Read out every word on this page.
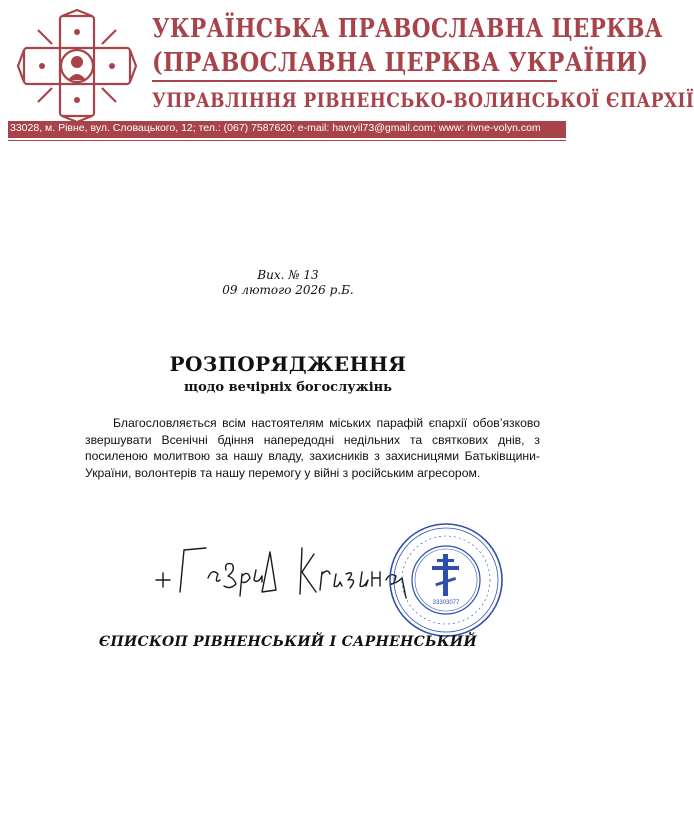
УКРАЇНСЬКА ПРАВОСЛАВНА ЦЕРКВА
(ПРАВОСЛАВНА ЦЕРКВА УКРАЇНИ)
УПРАВЛІННЯ РІВНЕНСЬКО-ВОЛИНСЬКОЇ ЄПАРХІЇ
33028, м. Рівне, вул. Словацького, 12; тел.: (067) 7587620; e-mail: havryil73@gmail.com; www: rivne-volyn.com
Вих. № 13
09 лютого 2026 р.Б.
РОЗПОРЯДЖЕННЯ
щодо вечірніх богослужінь

Благословляється всім настоятелям міських парафій єпархії обов’язково звершувати Всенічні бдіння напередодні недільних та святкових днів, з посиленою молитвою за нашу владу, захисників з захисницями Батьківщини-України, волонтерів та нашу перемогу у війні з російським агресором.

33303077
ЄПИСКОП РІВНЕНСЬКИЙ І САРНЕНСЬКИЙ
